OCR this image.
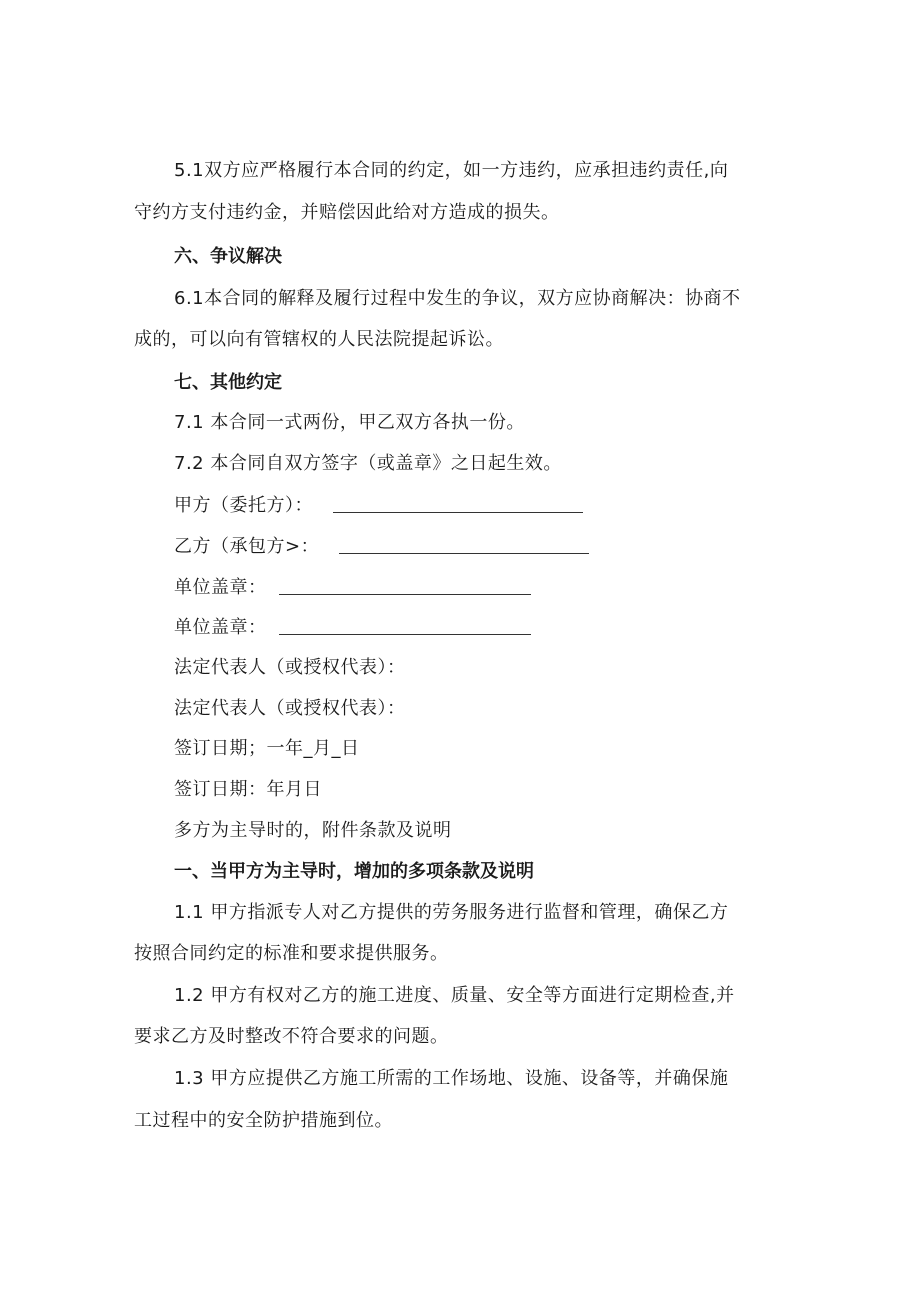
5.1双方应严格履行本合同的约定，如一方违约，应承担违约责任,向
守约方支付违约金，并赔偿因此给对方造成的损失。
六、争议解决
6.1本合同的解释及履行过程中发生的争议，双方应协商解决：协商不
成的，可以向有管辖权的人民法院提起诉讼。
七、其他约定
7.1 本合同一式两份，甲乙双方各执一份。
7.2 本合同自双方签字（或盖章》之日起生效。
甲方（委托方）：
乙方（承包方>：
单位盖章：
单位盖章：
法定代表人（或授权代表）：
法定代表人（或授权代表）：
签订日期；一年_月_日
签订日期：年月日
多方为主导时的，附件条款及说明
一、当甲方为主导时，增加的多项条款及说明
1.1 甲方指派专人对乙方提供的劳务服务进行监督和管理，确保乙方
按照合同约定的标准和要求提供服务。
1.2 甲方有权对乙方的施工进度、质量、安全等方面进行定期检查,并
要求乙方及时整改不符合要求的问题。
1.3 甲方应提供乙方施工所需的工作场地、设施、设备等，并确保施
工过程中的安全防护措施到位。
